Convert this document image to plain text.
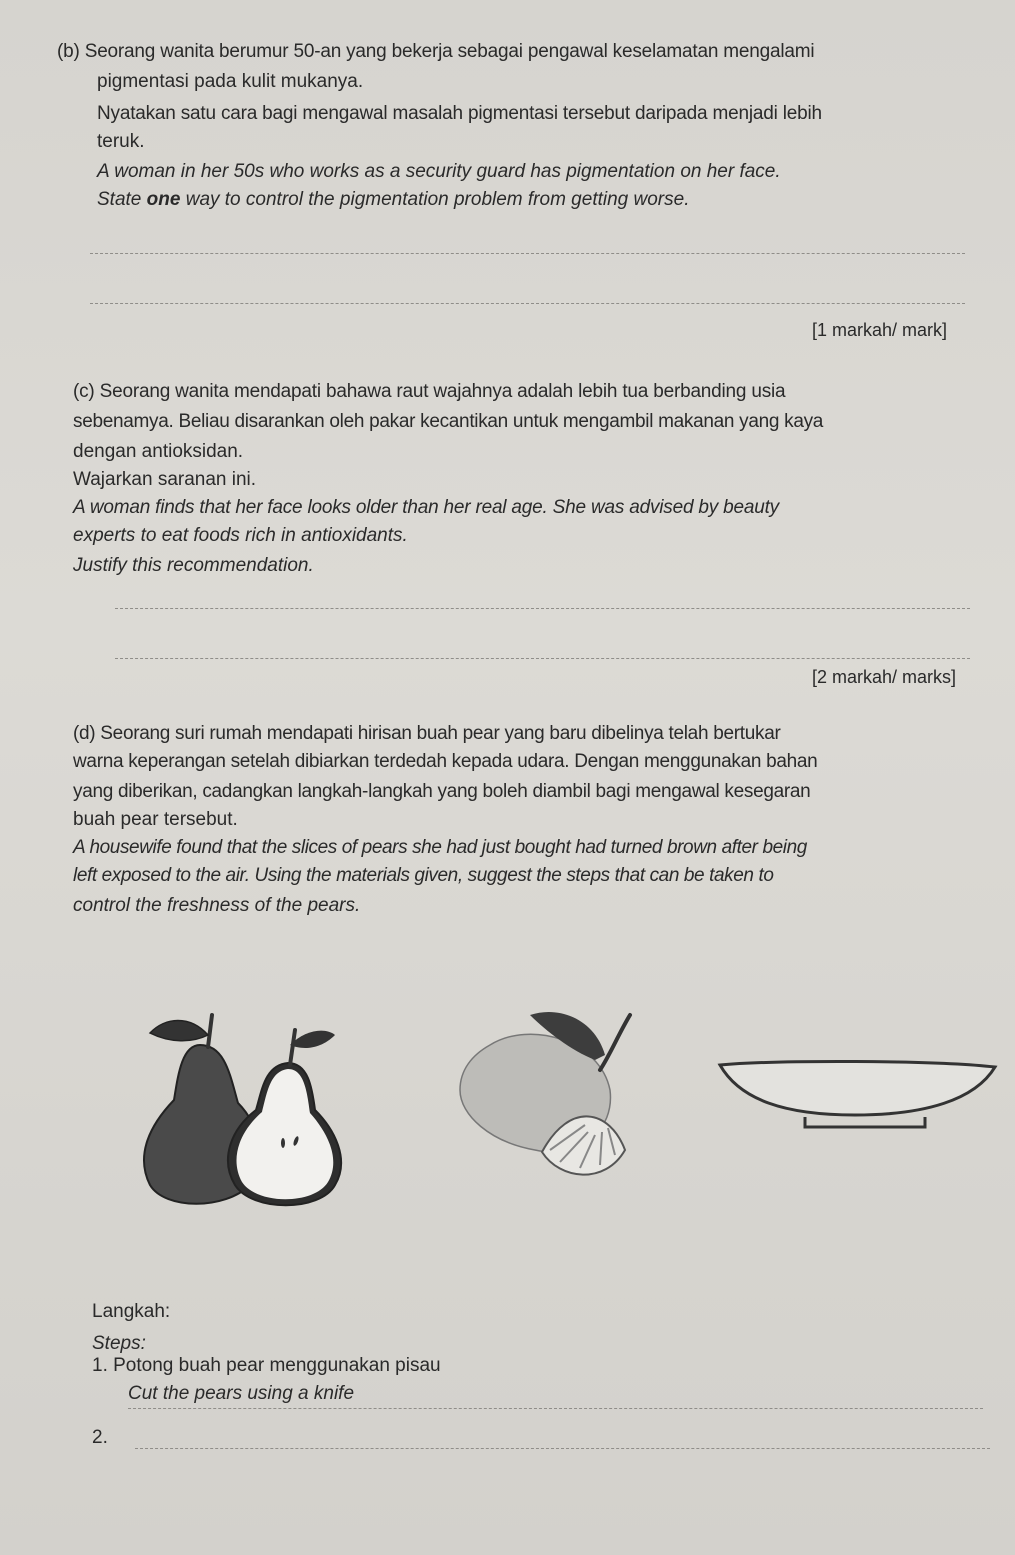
(b) Seorang wanita berumur 50-an yang bekerja sebagai pengawal keselamatan mengalami
pigmentasi pada kulit mukanya.
Nyatakan satu cara bagi mengawal masalah pigmentasi tersebut daripada menjadi lebih
teruk.
A woman in her 50s who works as a security guard has pigmentation on her face.
State one way to control the pigmentation problem from getting worse.
[1 markah/ mark]
(c) Seorang wanita mendapati bahawa raut wajahnya adalah lebih tua berbanding usia
sebenamya. Beliau disarankan oleh pakar kecantikan untuk mengambil makanan yang kaya
dengan antioksidan.
Wajarkan saranan ini.
A woman finds that her face looks older than her real age. She was advised by beauty
experts to eat foods rich in antioxidants.
Justify this recommendation.
[2 markah/ marks]
(d) Seorang suri rumah mendapati hirisan buah pear yang baru dibelinya telah bertukar
warna keperangan setelah dibiarkan terdedah kepada udara. Dengan menggunakan bahan
yang diberikan, cadangkan langkah-langkah yang boleh diambil bagi mengawal kesegaran
buah pear tersebut.
A housewife found that the slices of pears she had just bought had turned brown after being
left exposed to the air. Using the materials given, suggest the steps that can be taken to
control the freshness of the pears.
Langkah:
Steps:
1. Potong buah pear menggunakan pisau
Cut the pears using a knife
2.
